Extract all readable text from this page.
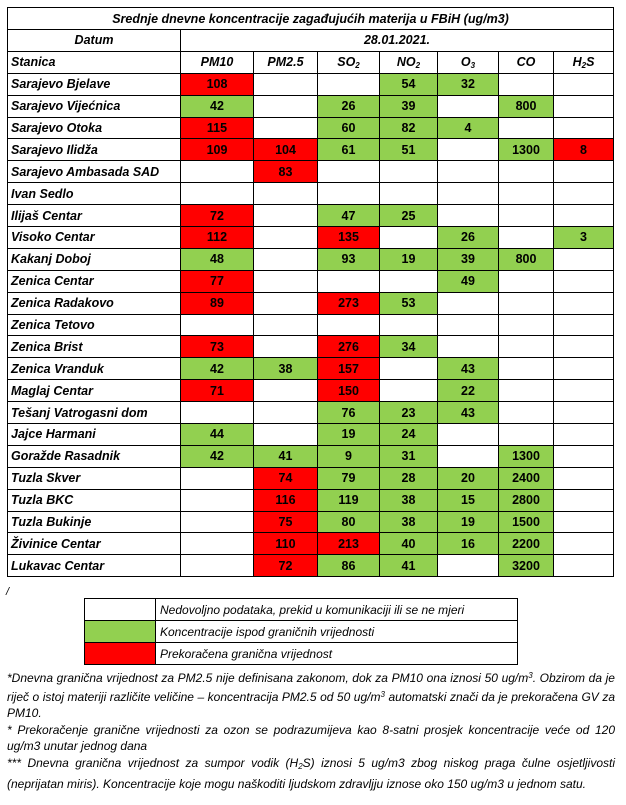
Srednje dnevne koncentracije zagađujućih materija u FBiH (ug/m3)							
Datum	28.01.2021.						
Stanica	PM10	PM2.5	$SO_2$	$NO_2$	$O_3$	CO	$H_2S$
Sarajevo Bjelave	108			54	32		
Sarajevo Vijećnica	42		26	39		800	
Sarajevo Otoka	115		60	82	4		
Sarajevo Ilidža	109	104	61	51		1300	8
Sarajevo Ambasada SAD		83					
Ivan Sedlo							
Ilijaš Centar	72		47	25			
Visoko Centar	112		135		26		3
Kakanj Doboj	48		93	19	39	800	
Zenica Centar	77				49		
Zenica Radakovo	89		273	53			
Zenica Tetovo							
Zenica Brist	73		276	34			
Zenica Vranduk	42	38	157		43		
Maglaj Centar	71		150		22		
Tešanj Vatrogasni dom			76	23	43		
Jajce Harmani	44		19	24			
Goražde Rasadnik	42	41	9	31		1300	
Tuzla Skver		74	79	28	20	2400	
Tuzla BKC		116	119	38	15	2800	
Tuzla Bukinje		75	80	38	19	1500	
Živinice Centar		110	213	40	16	2200	
Lukavac Centar		72	86	41		3200	
/
	Nedovoljno podataka, prekid u komunikaciji ili se ne mjeri
	Koncentracije ispod graničnih vrijednosti
	Prekoračena granična vrijednost

*Dnevna granična vrijednost za PM2.5 nije definisana zakonom, dok za PM10 ona iznosi 50 $ug/m^3$. Obzirom da je riječ o istoj materiji različite veličine – koncentracija PM2.5 od 50 $ug/m^3$ automatski znači da je prekoračena GV za PM10.

* Prekoračenje granične vrijednosti za ozon se podrazumijeva kao 8-satni prosjek koncentracije veće od 120 ug/m3 unutar jednog dana

*** Dnevna granična vrijednost za sumpor vodik $(H_2S)$ iznosi 5 ug/m3 zbog niskog praga čulne osjetljivosti (neprijatan miris). Koncentracije koje mogu naškoditi ljudskom zdravljju iznose oko 150 ug/m3 u jednom satu.
